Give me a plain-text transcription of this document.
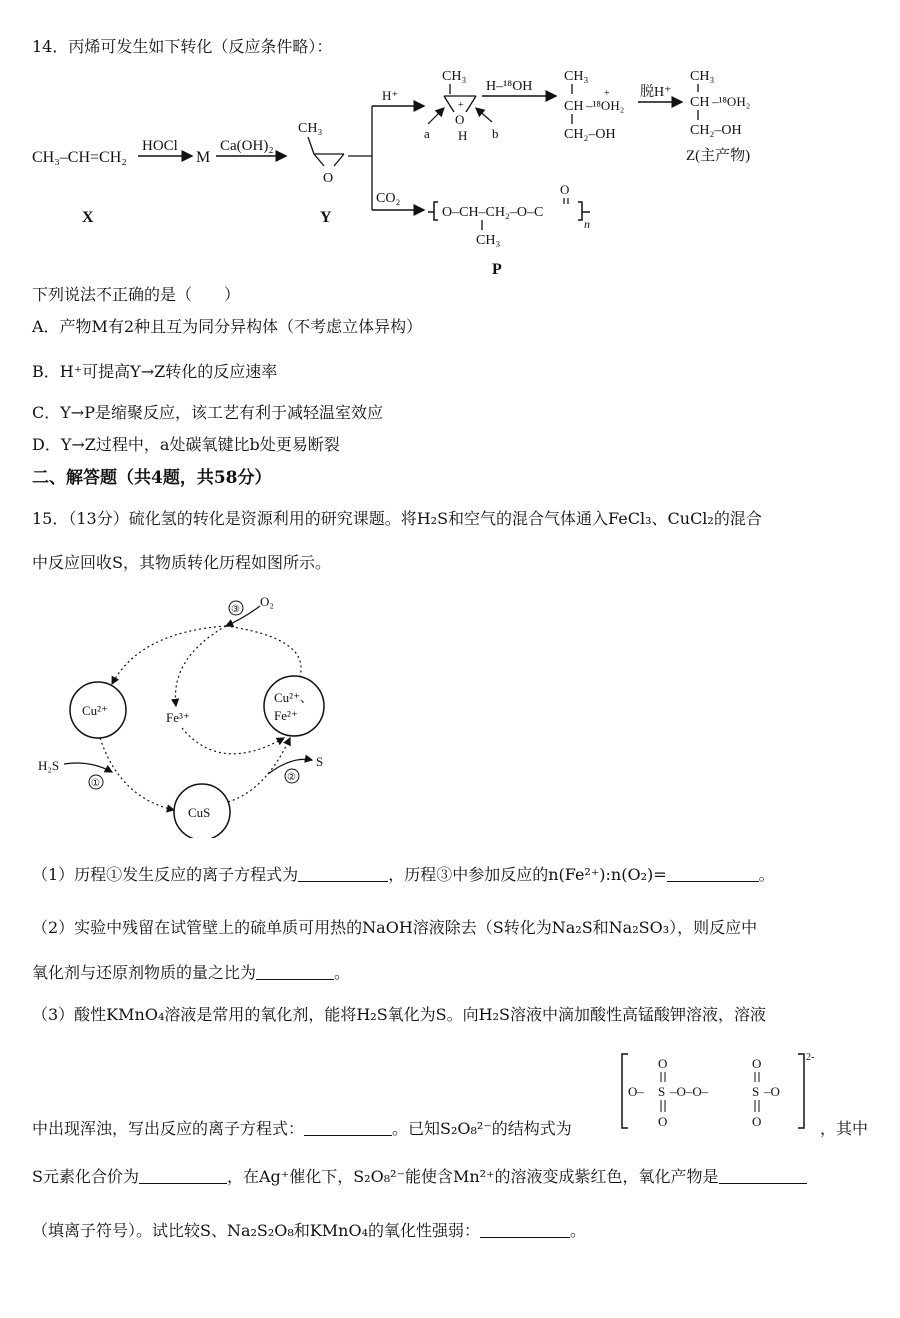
14．丙烯可发生如下转化（反应条件略）：
CH₃–CH=CH₂
X
HOCl
M
Ca(OH)₂
CH₃
O
Y
H⁺
CO₂
CH₃
O
H
+
a	b
H–¹⁸OH
CH₃
CH –¹⁸OH₂
+
CH₂–OH
脱H⁺
CH₃
CH –¹⁸OH₂
CH₂–OH
Z(主产物)
O–CH–CH₂–O–C
CH₃
O
n
P
下列说法不正确的是（　　）
A．产物M有2种且互为同分异构体（不考虑立体异构）
B．H⁺可提高Y→Z转化的反应速率
C．Y→P是缩聚反应，该工艺有利于减轻温室效应
D．Y→Z过程中，a处碳氧键比b处更易断裂
二、解答题（共4题，共58分）
15．（13分）硫化氢的转化是资源利用的研究课题。将H₂S和空气的混合气体通入FeCl₃、CuCl₂的混合
中反应回收S，其物质转化历程如图所示。
③
O₂
Cu²⁺	Fe³⁺
Cu²⁺、
Fe²⁺
CuS
H₂S
①
S
②
（1）历程①发生反应的离子方程式为	，历程③中参加反应的n(Fe²⁺):n(O₂)=	。
（2）实验中残留在试管壁上的硫单质可用热的NaOH溶液除去（S转化为Na₂S和Na₂SO₃），则反应中
氧化剂与还原剂物质的量之比为	。
（3）酸性KMnO₄溶液是常用的氧化剂，能将H₂S氧化为S。向H₂S溶液中滴加酸性高锰酸钾溶液，溶液
中出现浑浊，写出反应的离子方程式：	。已知S₂O₈²⁻的结构式为	，其中
2-
O– S –O–O–	S –O
O
O
O
O
S元素化合价为	，在Ag⁺催化下，S₂O₈²⁻能使含Mn²⁺的溶液变成紫红色，氧化产物是
（填离子符号）。试比较S、Na₂S₂O₈和KMnO₄的氧化性强弱：	。
